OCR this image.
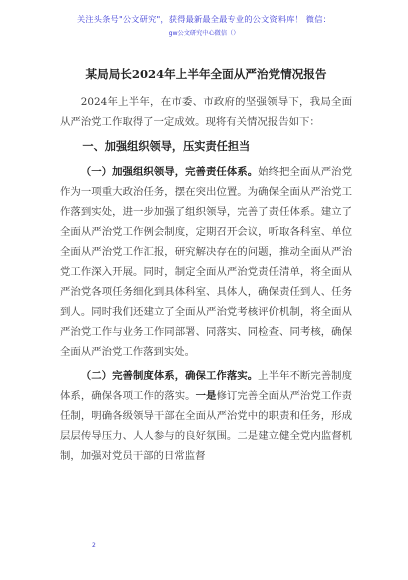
关注头条号"公文研究"，获得最新最全最专业的公文资料库！ 微信：
gw公文研究中心微信（）
某局局长2024年上半年全面从严治党情况报告

2024年上半年，在市委、市政府的坚强领导下，我局全面从严治党工作取得了一定成效。现将有关情况报告如下：

一、加强组织领导，压实责任担当

（一）加强组织领导，完善责任体系。始终把全面从严治党作为一项重大政治任务，摆在突出位置。为确保全面从严治党工作落到实处，进一步加强了组织领导，完善了责任体系。建立了全面从严治党工作例会制度，定期召开会议，听取各科室、单位全面从严治党工作汇报，研究解决存在的问题，推动全面从严治党工作深入开展。同时，制定全面从严治党责任清单，将全面从严治党各项任务细化到具体科室、具体人，确保责任到人、任务到人。同时我们还建立了全面从严治党考核评价机制，将全面从严治党工作与业务工作同部署、同落实、同检查、同考核，确保全面从严治党工作落到实处。

（二）完善制度体系，确保工作落实。上半年不断完善制度体系，确保各项工作的落实。一是修订完善全面从严治党工作责任制，明确各级领导干部在全面从严治党中的职责和任务，形成层层传导压力、人人参与的良好氛围。二是建立健全党内监督机制，加强对党员干部的日常监督

2
